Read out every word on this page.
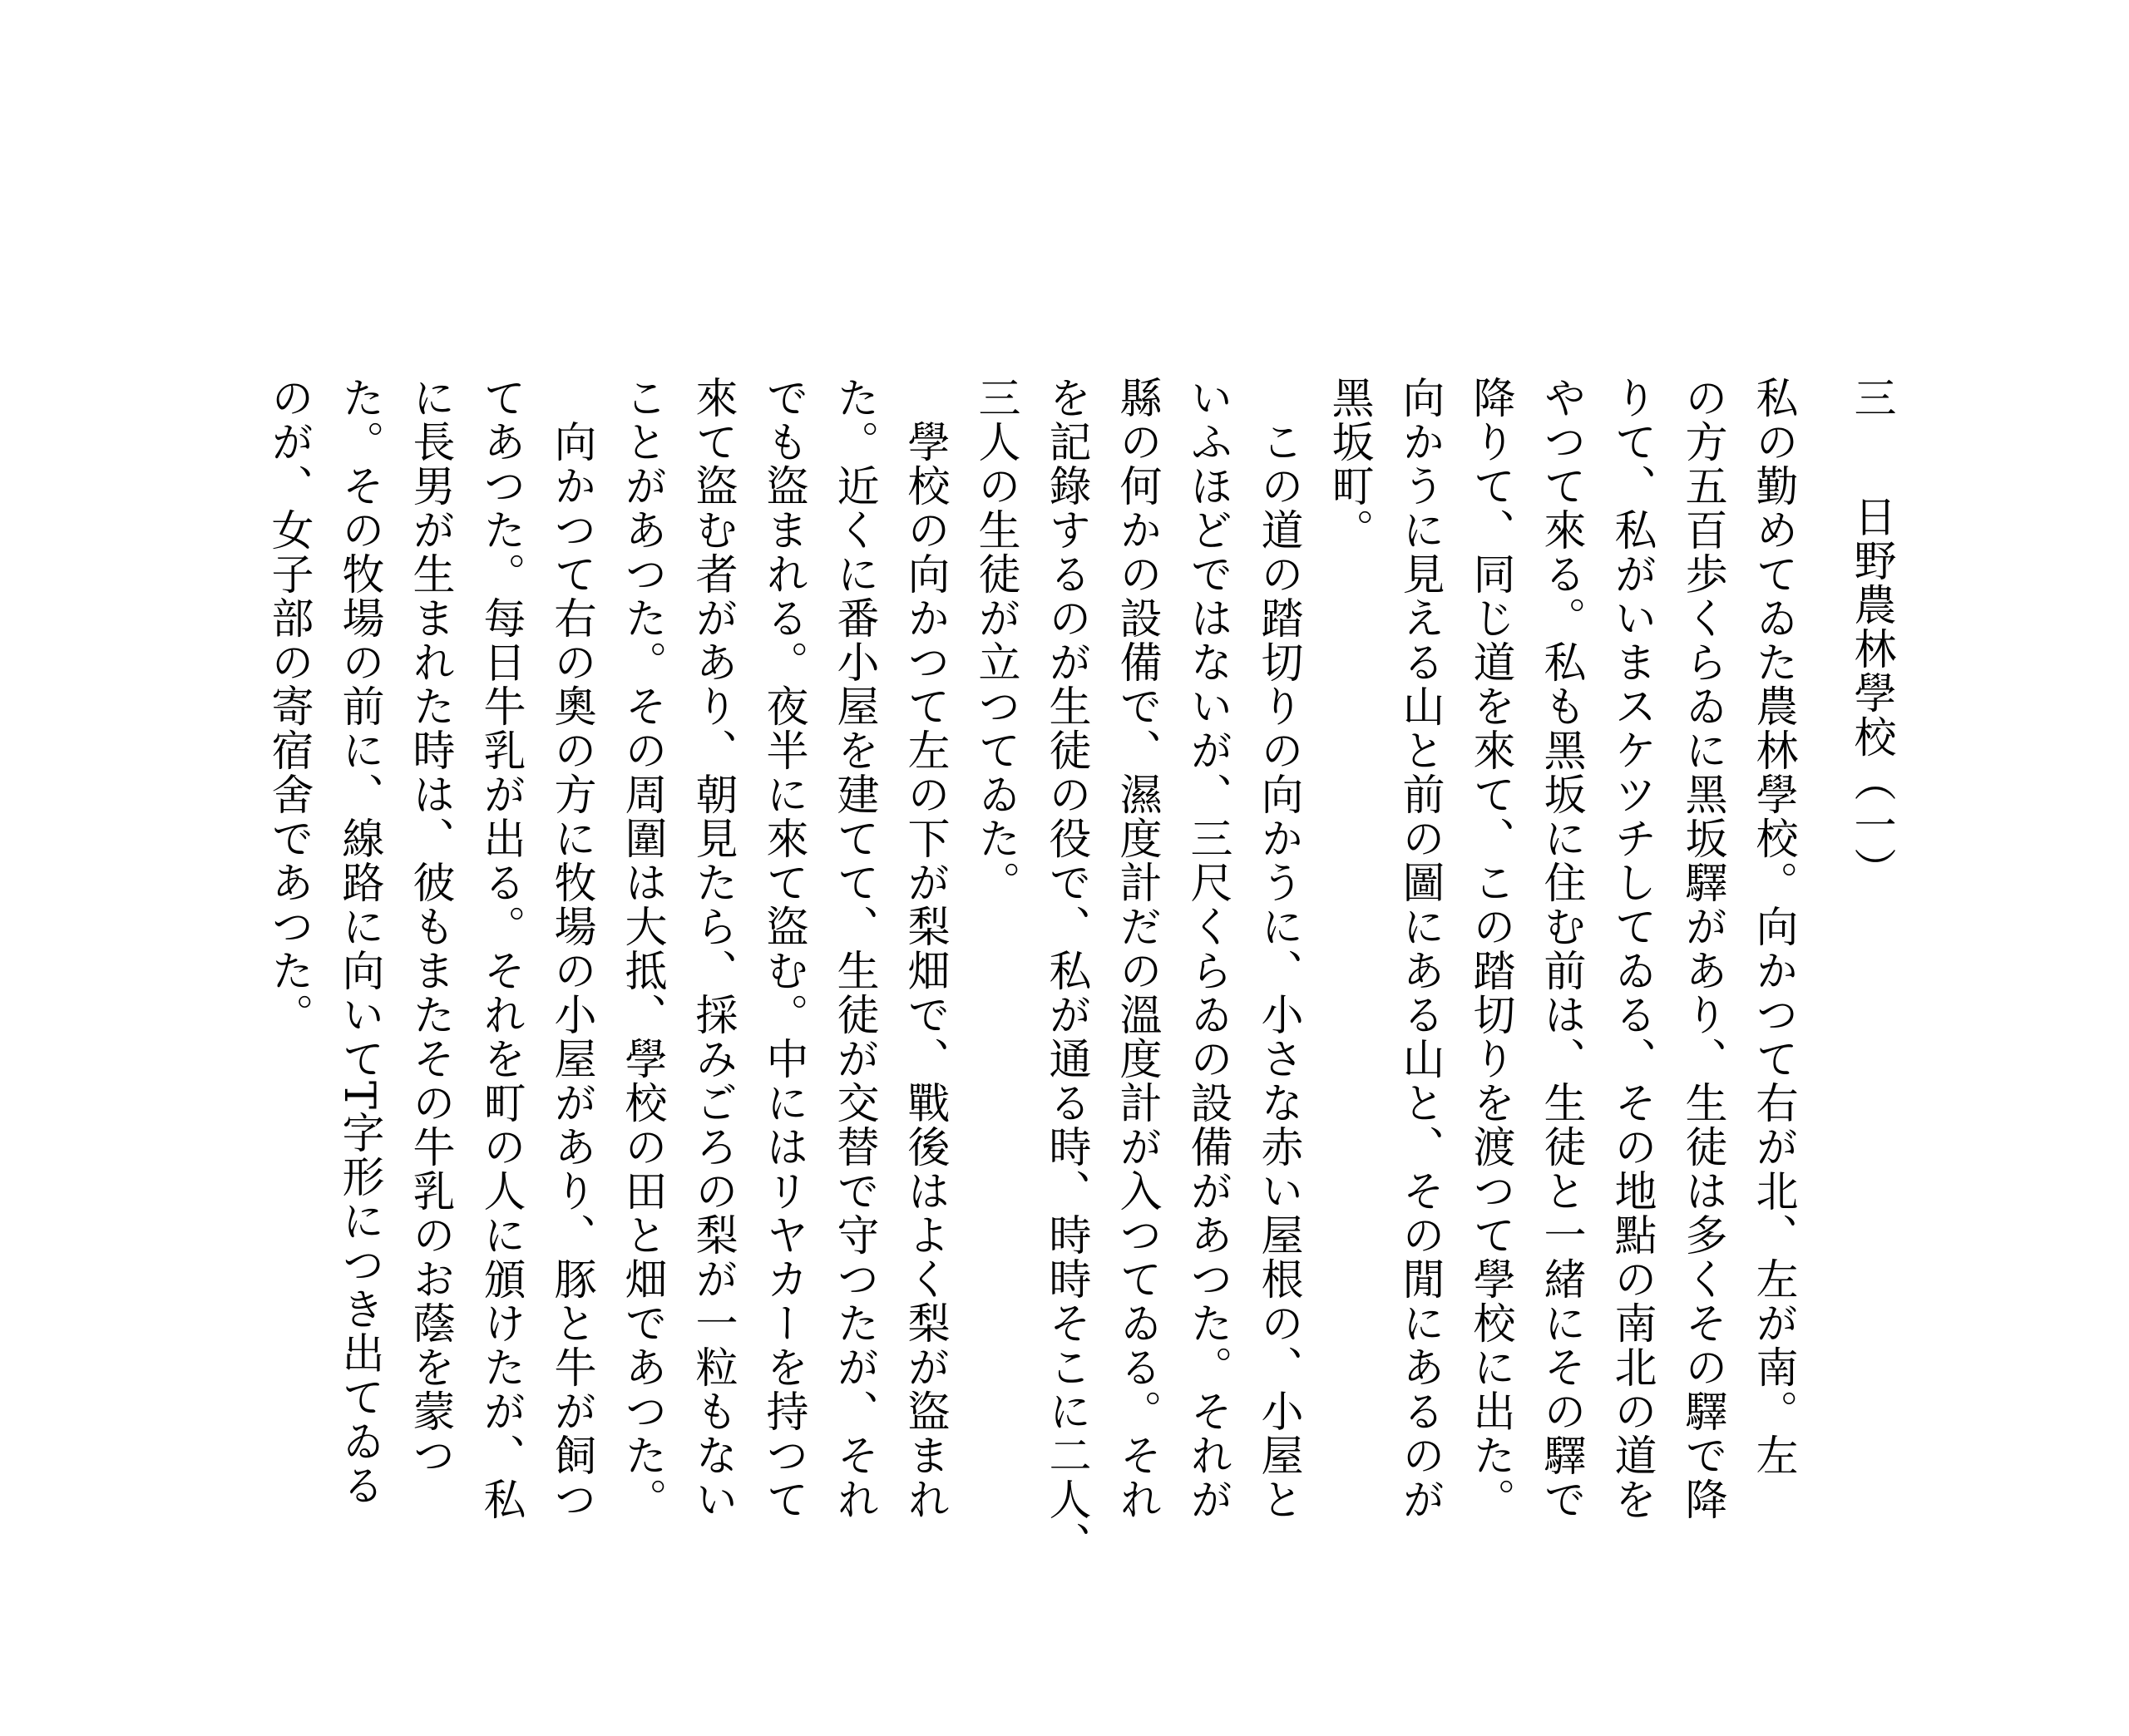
三日野農林學校（一）
私の勤めてゐた農林學校。向かつて右が北、左が南。左
の方五百歩くらゐに黑坂驛があり、生徒は多くその驛で降
りて、私がいまスケツチしてゐる、その地點の南北の道を
やつて來る。私も黑坂に住む前は、生徒と一緒にその驛で
降りて、同じ道を來て、この踏切りを渡つて學校に出た。
向かうに見える山と前の圖にある山と、その閒にあるのが
黑坂町。
　この道の踏切りの向かうに、小さな赤い屋根の、小屋と
いふほどではないが、三尺くらゐの設備があつた。それが
縣の何かの設備で、濕度計だの溫度計が入つてゐる。それ
を記錄するのが生徒の役で、私が通る時、時時そこに二人、
三人の生徒が立つてゐた。
　學校の向かつて左の下が梨畑で、戰後はよく梨が盜まれ
た。近くに番小屋を建てて、生徒が交替で守つたが、それ
でも盜まれる。夜半に來て盜む。中にはリヤカーを持つて
來て盜む者があり、朝見たら、採みごろの梨が一粒もない
ことがあつた。その周圍は大抵、學校の田と畑であつた。
　向かつて右の奧の方に牧場の小屋があり、豚と牛が飼つ
てあつた。每日牛乳が出る。それを町の人に頒けたが、私
に長男が生まれた時は、彼もまたその牛乳のお蔭を蒙つ
た。その牧場の前に、線路に向いてT字形につき出てゐる
のが、女子部の寄宿舍であつた。
